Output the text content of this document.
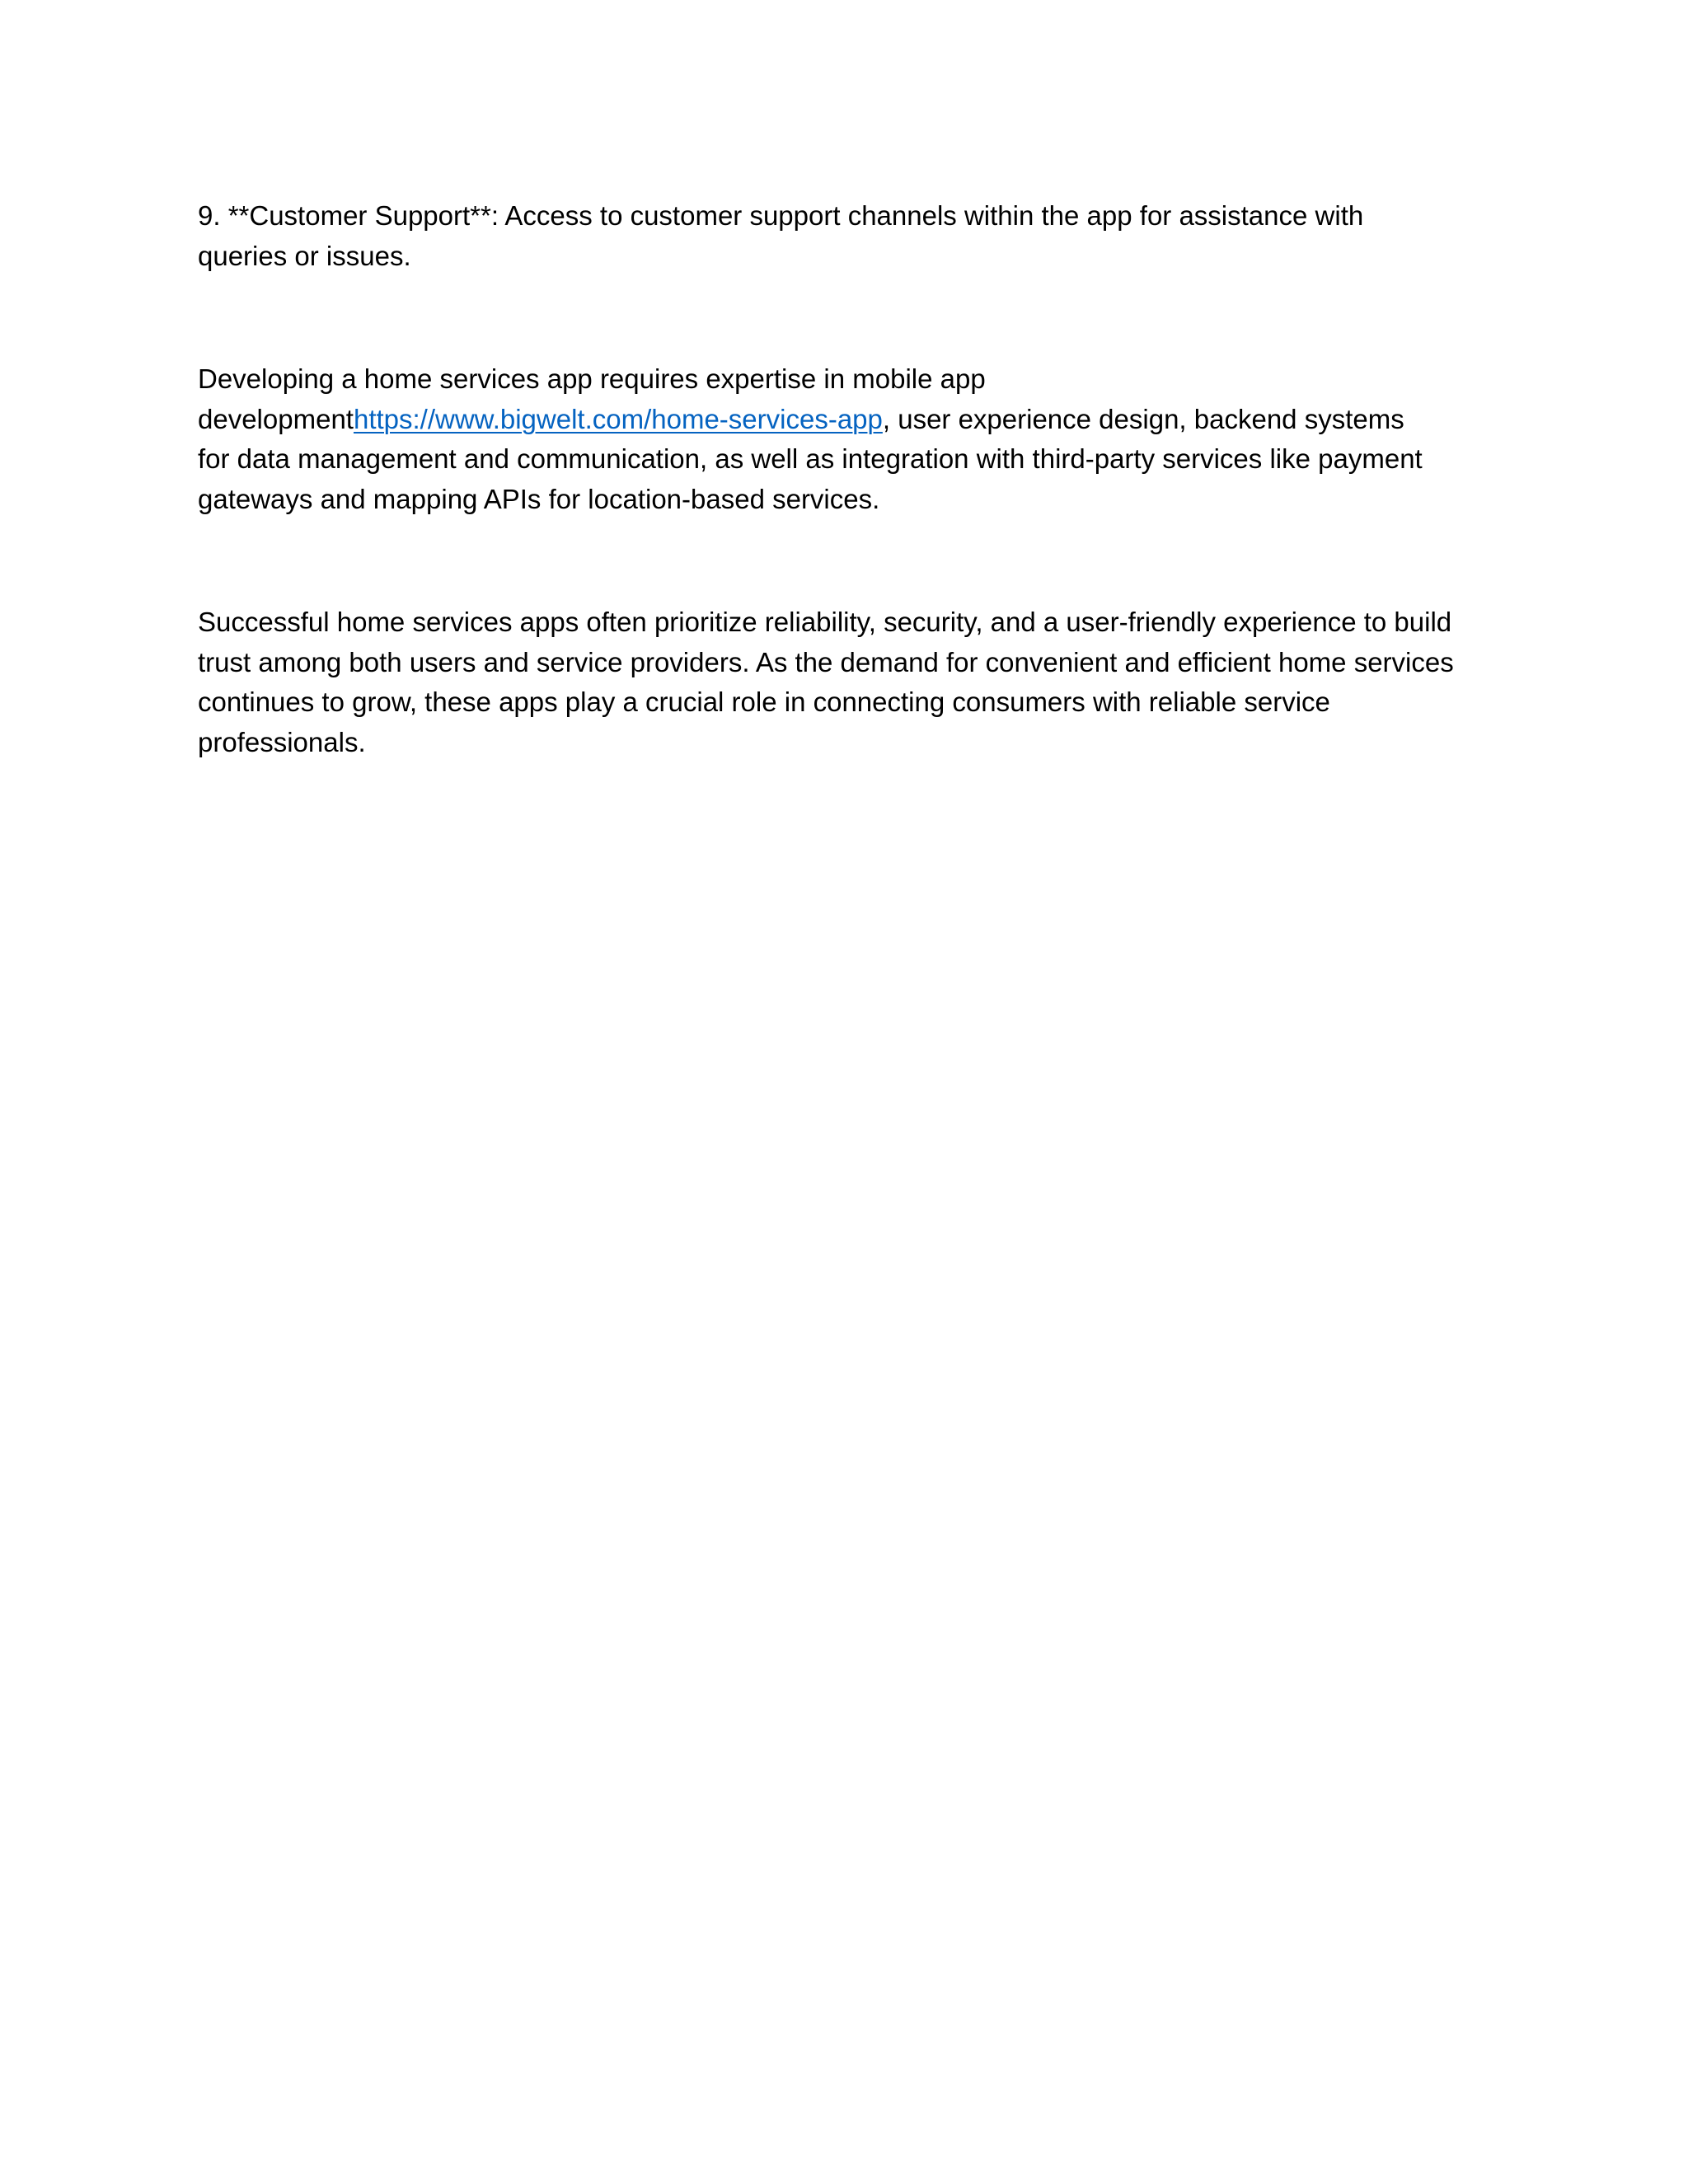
9. **Customer Support**: Access to customer support channels within the app for assistance with
queries or issues.

Developing a home services app requires expertise in mobile app
developmenthttps://www.bigwelt.com/home-services-app, user experience design, backend systems
for data management and communication, as well as integration with third-party services like payment
gateways and mapping APIs for location-based services.

Successful home services apps often prioritize reliability, security, and a user-friendly experience to build
trust among both users and service providers. As the demand for convenient and efficient home services
continues to grow, these apps play a crucial role in connecting consumers with reliable service
professionals.
